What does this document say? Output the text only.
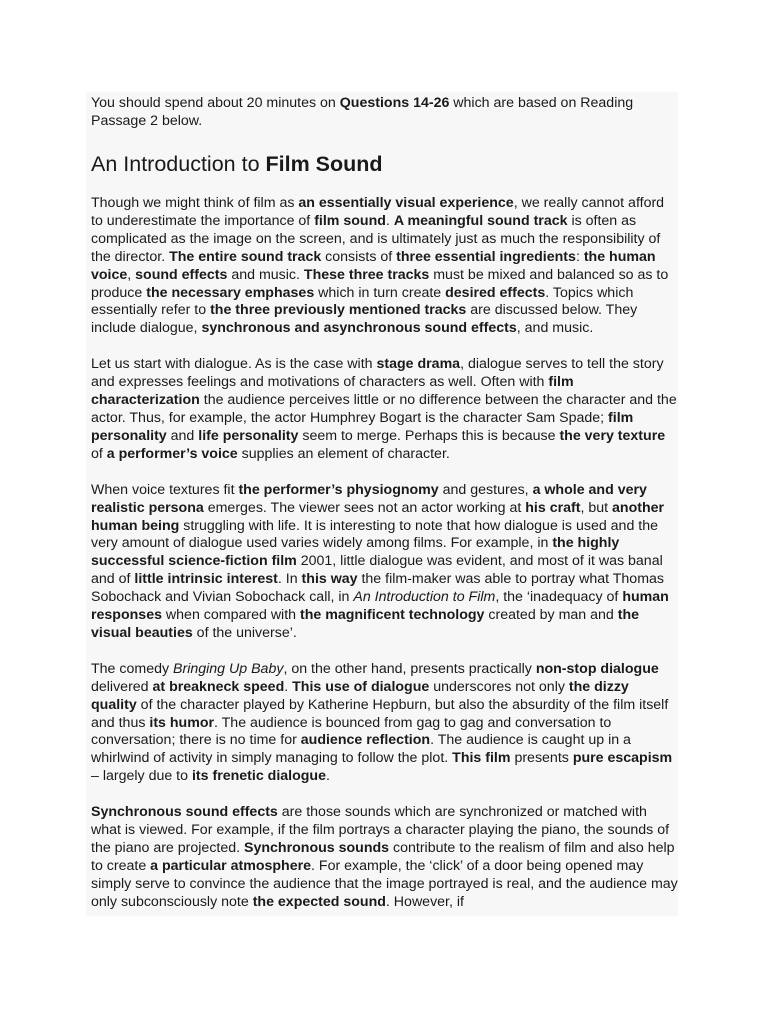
You should spend about 20 minutes on Questions 14-26 which are based on Reading Passage 2 below.

An Introduction to Film Sound

Though we might think of film as an essentially visual experience, we really cannot afford to underestimate the importance of film sound. A meaningful sound track is often as complicated as the image on the screen, and is ultimately just as much the responsibility of the director. The entire sound track consists of three essential ingredients: the human voice, sound effects and music. These three tracks must be mixed and balanced so as to produce the necessary emphases which in turn create desired effects. Topics which essentially refer to the three previously mentioned tracks are discussed below. They include dialogue, synchronous and asynchronous sound effects, and music.

Let us start with dialogue. As is the case with stage drama, dialogue serves to tell the story and expresses feelings and motivations of characters as well. Often with film characterization the audience perceives little or no difference between the character and the actor. Thus, for example, the actor Humphrey Bogart is the character Sam Spade; film personality and life personality seem to merge. Perhaps this is because the very texture of a performer’s voice supplies an element of character.

When voice textures fit the performer’s physiognomy and gestures, a whole and very realistic persona emerges. The viewer sees not an actor working at his craft, but another human being struggling with life. It is interesting to note that how dialogue is used and the very amount of dialogue used varies widely among films. For example, in the highly successful science-fiction film 2001, little dialogue was evident, and most of it was banal and of little intrinsic interest. In this way the film-maker was able to portray what Thomas Sobochack and Vivian Sobochack call, in An Introduction to Film, the ‘inadequacy of human responses when compared with the magnificent technology created by man and the visual beauties of the universe’.

The comedy Bringing Up Baby, on the other hand, presents practically non-stop dialogue delivered at breakneck speed. This use of dialogue underscores not only the dizzy quality of the character played by Katherine Hepburn, but also the absurdity of the film itself and thus its humor. The audience is bounced from gag to gag and conversation to conversation; there is no time for audience reflection. The audience is caught up in a whirlwind of activity in simply managing to follow the plot. This film presents pure escapism – largely due to its frenetic dialogue.

Synchronous sound effects are those sounds which are synchronized or matched with what is viewed. For example, if the film portrays a character playing the piano, the sounds of the piano are projected. Synchronous sounds contribute to the realism of film and also help to create a particular atmosphere. For example, the ‘click’ of a door being opened may simply serve to convince the audience that the image portrayed is real, and the audience may only subconsciously note the expected sound. However, if
